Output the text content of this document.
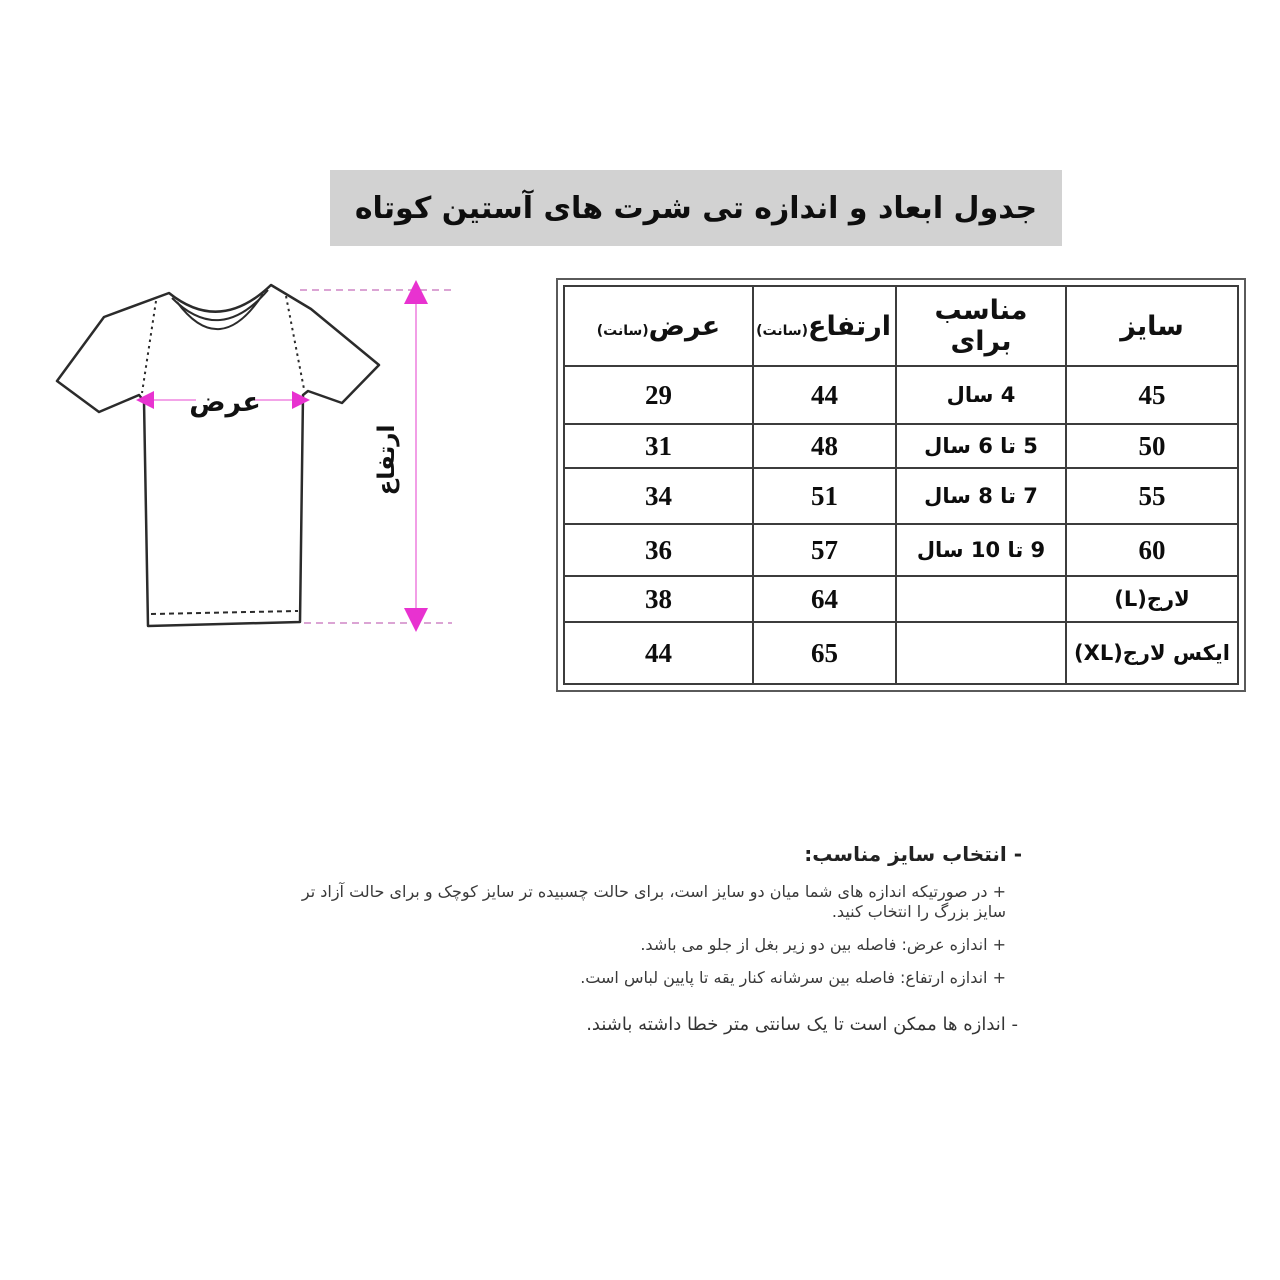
جدول ابعاد و اندازه تی شرت های آستین کوتاه
عرض
ارتفاع
سایز	مناسب برای	ارتفاع(سانت)	عرض(سانت)
45	4 سال	44	29
50	5 تا 6 سال	48	31
55	7 تا 8 سال	51	34
60	9 تا 10 سال	57	36
لارج(L)		64	38
ایکس لارج(XL)		65	44

- انتخاب سایز مناسب:

+ در صورتیکه اندازه های شما میان دو سایز است، برای حالت چسبیده تر سایز کوچک و برای حالت آزاد تر سایز بزرگ را انتخاب کنید.

+ اندازه عرض: فاصله بین دو زیر بغل از جلو می باشد.

+ اندازه ارتفاع: فاصله بین سرشانه کنار یقه تا پایین لباس است.

- اندازه ها ممکن است تا یک سانتی متر خطا داشته باشند.
